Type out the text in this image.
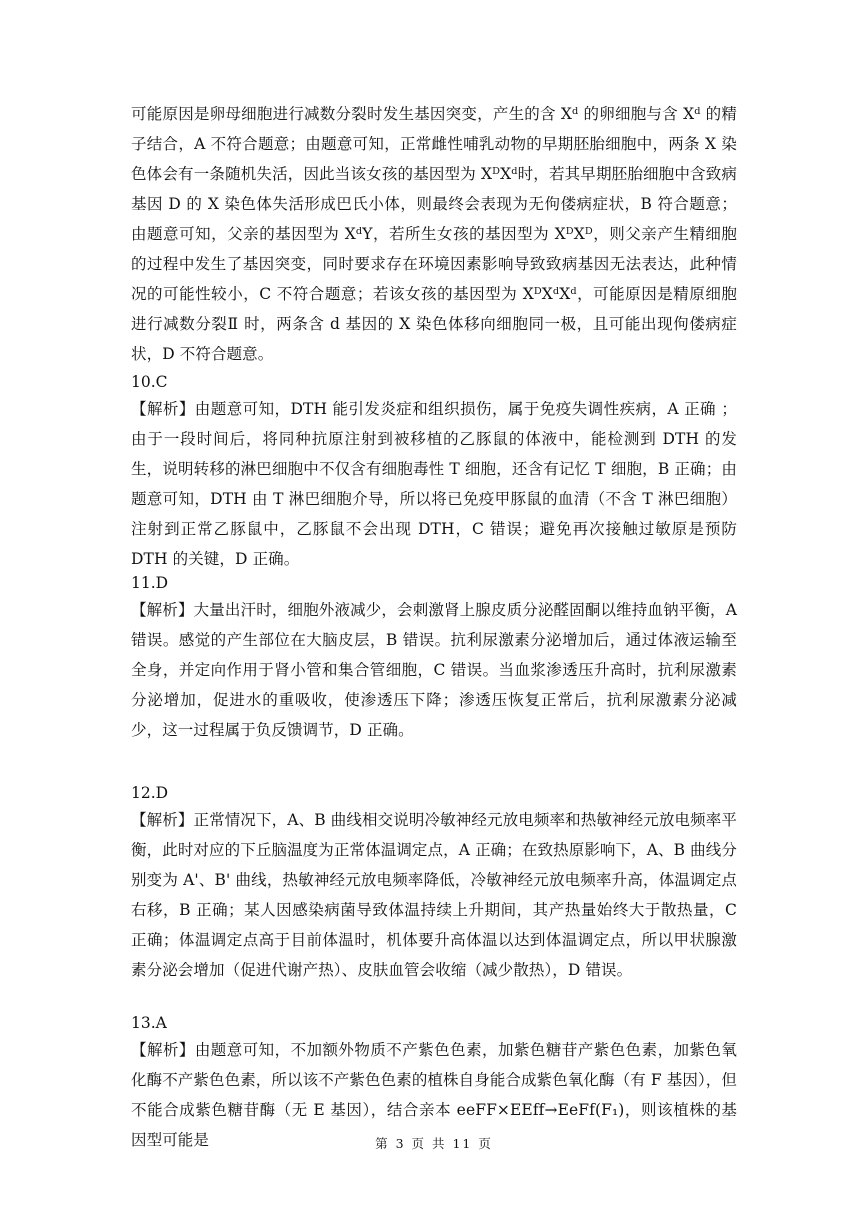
可能原因是卵母细胞进行减数分裂时发生基因突变，产生的含 Xᵈ 的卵细胞与含 Xᵈ 的精子结合，A 不符合题意；由题意可知，正常雌性哺乳动物的早期胚胎细胞中，两条 X 染色体会有一条随机失活，因此当该女孩的基因型为 XᴰXᵈ时，若其早期胚胎细胞中含致病基因 D 的 X 染色体失活形成巴氏小体，则最终会表现为无佝偻病症状，B 符合题意；由题意可知，父亲的基因型为 XᵈY，若所生女孩的基因型为 XᴰXᴰ，则父亲产生精细胞的过程中发生了基因突变，同时要求存在环境因素影响导致致病基因无法表达，此种情况的可能性较小，C 不符合题意；若该女孩的基因型为 XᴰXᵈXᵈ，可能原因是精原细胞进行减数分裂Ⅱ 时，两条含 d 基因的 X 染色体移向细胞同一极，且可能出现佝偻病症状，D 不符合题意。

10.C

【解析】由题意可知，DTH 能引发炎症和组织损伤，属于免疫失调性疾病，A 正确 ；由于一段时间后，将同种抗原注射到被移植的乙豚鼠的体液中，能检测到 DTH 的发生，说明转移的淋巴细胞中不仅含有细胞毒性 T 细胞，还含有记忆 T 细胞，B 正确；由题意可知，DTH 由 T 淋巴细胞介导，所以将已免疫甲豚鼠的血清（不含 T 淋巴细胞）注射到正常乙豚鼠中，乙豚鼠不会出现 DTH，C 错误；避免再次接触过敏原是预防 DTH 的关键，D 正确。

11.D

【解析】大量出汗时，细胞外液减少，会刺激肾上腺皮质分泌醛固酮以维持血钠平衡，A 错误。感觉的产生部位在大脑皮层，B 错误。抗利尿激素分泌增加后，通过体液运输至全身，并定向作用于肾小管和集合管细胞，C 错误。当血浆渗透压升高时，抗利尿激素分泌增加，促进水的重吸收，使渗透压下降；渗透压恢复正常后，抗利尿激素分泌减少，这一过程属于负反馈调节，D 正确。

12.D

【解析】正常情况下，A、B 曲线相交说明冷敏神经元放电频率和热敏神经元放电频率平衡，此时对应的下丘脑温度为正常体温调定点，A 正确；在致热原影响下，A、B 曲线分别变为 A'、B' 曲线，热敏神经元放电频率降低，冷敏神经元放电频率升高，体温调定点右移，B 正确；某人因感染病菌导致体温持续上升期间，其产热量始终大于散热量，C 正确；体温调定点高于目前体温时，机体要升高体温以达到体温调定点，所以甲状腺激素分泌会增加（促进代谢产热）、皮肤血管会收缩（减少散热），D 错误。

13.A

【解析】由题意可知，不加额外物质不产紫色色素，加紫色糖苷产紫色色素，加紫色氧化酶不产紫色色素，所以该不产紫色色素的植株自身能合成紫色氧化酶（有 F 基因），但不能合成紫色糖苷酶（无 E 基因），结合亲本 eeFF×EEff→EeFf(F₁)，则该植株的基因型可能是	第 3 页 共 11 页
